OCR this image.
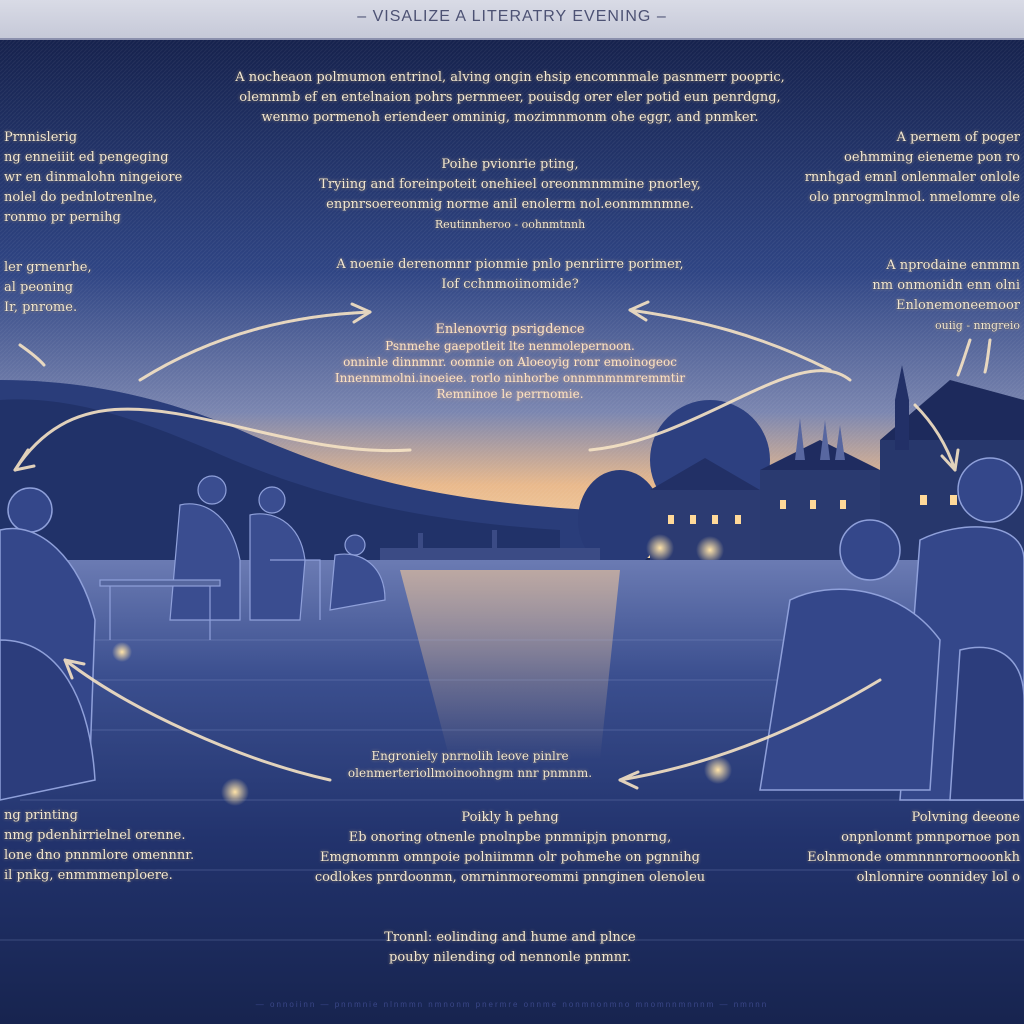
– VISALIZE A LITERATRY EVENING –
A nocheaon polmumon entrinol, alving ongin ehsip encomnmale pasnmerr poopric,
olemnmb ef en entelnaion pohrs pernmeer, pouisdg orer eler potid eun penrdgng,
wenmo pormenoh eriendeer omninig, mozimnmonm ohe eggr, and pnmker.
Poihe pvionrie pting,
Tryiing and foreinpoteit onehieel oreonmnmmine pnorley,
enpnrsoereonmig norme anil enolerm nol.eonmmnmne.
Reutinnheroo - oohnmtnnh
A noenie derenomnr pionmie pnlo penriirre porimer,
Iof cchnmoiinomide?
Enlenovrig psrigdence
Psnmehe gaepotleit lte nenmolepernoon.
onninle dinnmnr. oomnie on Aloeoyig ronr emoinogeoc
Innenmmolni.inoeiee. rorlo ninhorbe onnmnmnmremmtir
Remninoe le perrnomie.
Prnnislerig
ng enneiiit ed pengeging
wr en dinmalohn ningeiore
nolel do pednlotrenlne,
ronmo pr pernihg
ler grnenrhe,
al peoning
Ir, pnrome.
A pernem of poger
oehmming eieneme pon ro
rnnhgad emnl onlenmaler onlole
olo pnrogmlnmol. nmelomre ole
A nprodaine enmmn
nm onmonidn enn olni
Enlonemoneemoor
ouiig - nmgreio
Engroniely pnrnolih leove pinlre
olenmerteriollmoinoohngm nnr pnmnm.
ng printing
nmg pdenhirrielnel orenne.
lone dno pnnmlore omennnr.
il pnkg, enmmmenploere.
Poikly h pehng
Eb onoring otnenle pnolnpbe pnmnipjn pnonrng,
Emgnomnm omnpoie polniimmn olr pohmehe on pgnnihg
codlokes pnrdoonmn, omrninmoreommi pnnginen olenoleu
Polvning deeone
onpnlonmt pmnpornoe pon
Eolnmonde ommnnnrornooonkh
olnlonnire oonnidey lol o
Tronnl: eolinding and hume and plnce
pouby nilending od nennonle pnmnr.
— onnoiinn — pnnmnie nlnmmn nmnonm pnermre onnme nonmnonmno mnomnnmnnnm — nmnnn
